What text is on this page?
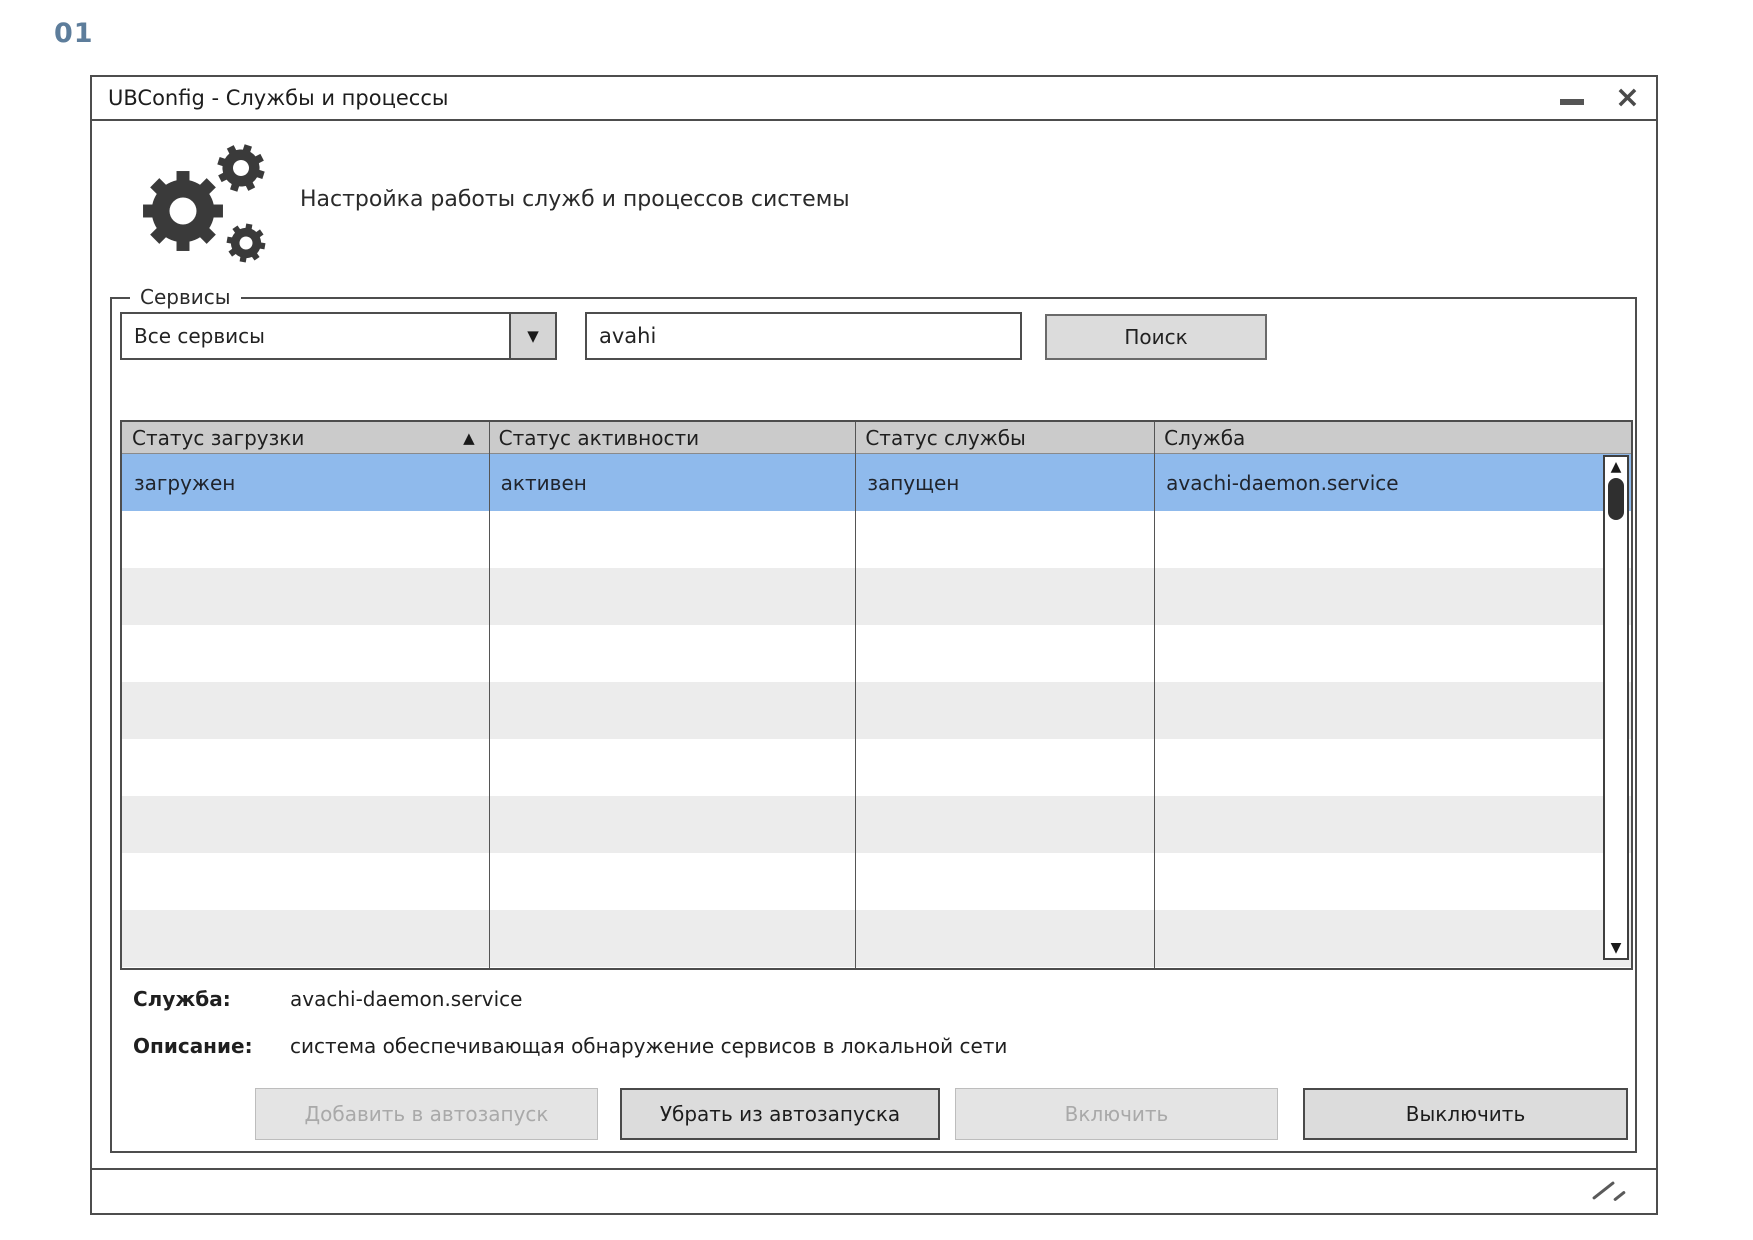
01
UBConfig - Службы и процессы	×
Настройка работы служб и процессов системы
Сервисы
Все сервисы	▼
avahi	Поиск
Статус загрузки	▲ Статус активности	Статус службы	Служба
загружен	активен	запущен	avachi-daemon.service
▲
▼
Служба:	avachi-daemon.service
Описание:	система обеспечивающая обнаружение сервисов в локальной сети
Добавить в автозапуск	Убрать из автозапуска	Включить	Выключить
